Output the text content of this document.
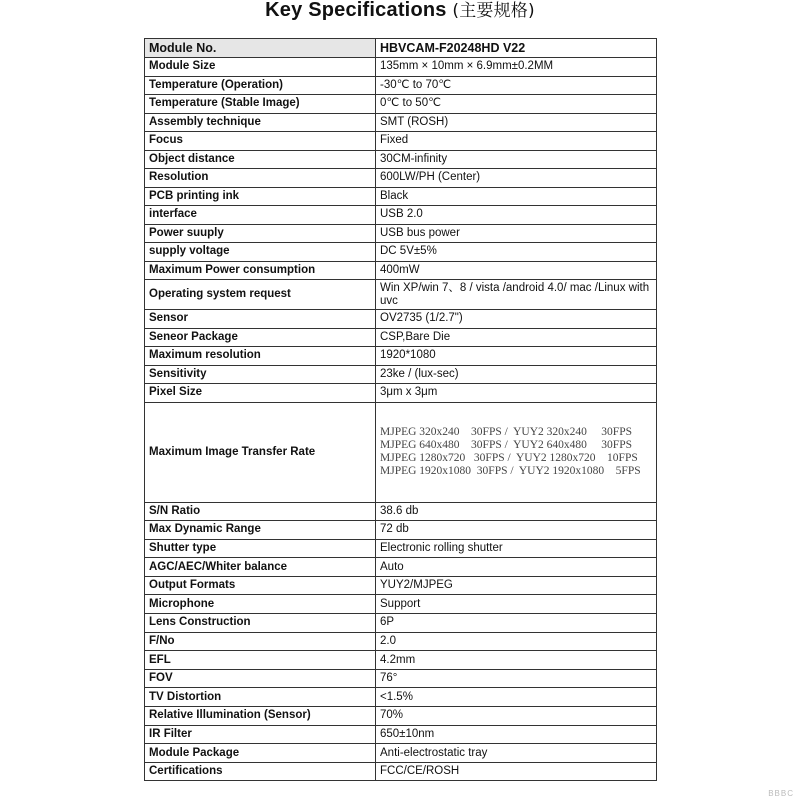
Key Specifications (主要规格)
Module No.	HBVCAM-F20248HD V22
Module Size	135mm × 10mm × 6.9mm±0.2MM
Temperature (Operation)	-30℃ to 70℃
Temperature (Stable Image)	0℃ to 50℃
Assembly technique	SMT (ROSH)
Focus	Fixed
Object distance	30CM-infinity
Resolution	600LW/PH (Center)
PCB printing ink	Black
interface	USB 2.0
Power suuply	USB bus power
supply voltage	DC 5V±5%
Maximum Power consumption	400mW
Operating system request	Win XP/win 7、8 / vista /android 4.0/ mac /Linux with uvc
Sensor	OV2735 (1/2.7")
Seneor Package	CSP,Bare Die
Maximum resolution	1920*1080
Sensitivity	23ke / (lux-sec)
Pixel Size	3μm x 3μm
Maximum Image Transfer Rate	MJPEG 320x240    30FPS /  YUY2 320x240     30FPS
MJPEG 640x480    30FPS /  YUY2 640x480     30FPS
MJPEG 1280x720   30FPS /  YUY2 1280x720    10FPS
MJPEG 1920x1080  30FPS /  YUY2 1920x1080    5FPS

S/N Ratio	38.6 db
Max Dynamic Range	72 db
Shutter type	Electronic rolling shutter
AGC/AEC/Whiter balance	Auto
Output Formats	YUY2/MJPEG
Microphone	Support
Lens Construction	6P
F/No	2.0
EFL	4.2mm
FOV	76°
TV Distortion	<1.5%
Relative Illumination (Sensor)	70%
IR Filter	650±10nm
Module Package	Anti-electrostatic tray
Certifications	FCC/CE/ROSH
BBBC
